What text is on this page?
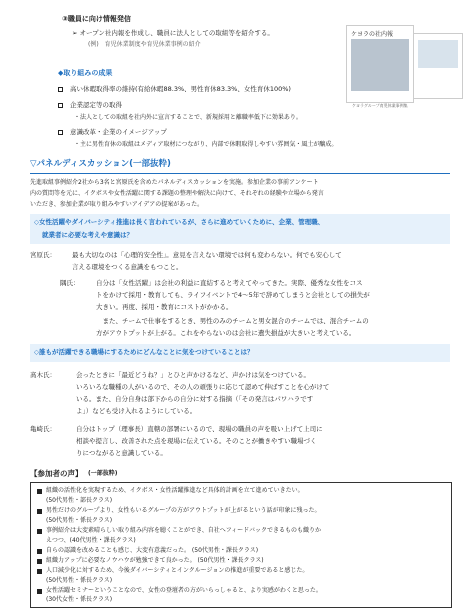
③職員に向け情報発信
➢ オープン社内報を作成し、職員に法人としての取組等を紹介する。
(例)　育児休業制度や育児休業事例の紹介
ケヨラの社内報
ケヨラグループ育児休業事例集
◆取り組みの成果
高い休暇取得率の維持(有給休暇88.3%、男性育休83.3%、女性育休100%)
企業認定等の取得
・法人としての取組を社内外に宣言することで、新規採用と離職率低下に効果あり。
意識改革・企業のイメージアップ
・主に男性育休の取組はメディア取材につながり、内部で休暇取得しやすい雰囲気・風土が醸成。
▽パネルディスカッション(一部抜粋)
先進取組事例紹介2社から3名と宮原氏を含めたパネルディスカッションを実施。参加企業の事前アンケート
内の質問等を元に、イクボスや女性活躍に関する課題の整理や解決に向けて、それぞれの経験や立場から発言
いただき、参加企業が取り組みやすいアイデアの提案があった。
◇女性活躍やダイバーシティ推進は長く言われているが、さらに進めていくために、企業、管理職、
就業者に必要な考えや意識は？
宮原氏： 最も大切なのは「心理的安全性」。意見を言えない環境では何も変わらない。何でも安心して
言える環境をつくる意識をもつこと。
隅氏：	自分は「女性活躍」は会社の利益に直結すると考えてやってきた。実際、優秀な女性をコス
トをかけて採用・教育しても、ライフイベントで4〜5年で辞めてしまうと会社としての損失が
大きい。再度、採用・教育にコストがかかる。
　また、チームで仕事をするとき、男性のみのチームと男女混合のチームでは、混合チームの
方がアウトプットが上がる。これをやらないのは会社に遺失損益が大きいと考えている。
◇誰もが活躍できる職場にするためにどんなことに気をつけていることは？
髙木氏：	会ったときに「最近どうね？」とひと声かけるなど、声かけは気をつけている。
いろいろな職種の人がいるので、その人の頑張りに応じて認めて伸ばすことを心がけて
いる。また、自分自身は部下からの自分に対する指摘（「その発言はパワハラです
よ」）なども受け入れるようにしている。
亀崎氏：	自分はトップ（理事長）直轄の部署にいるので、現場の職員の声を吸い上げて上司に
相談や提言し、改善された点を現場に伝えている。そのことが働きやすい職場づく
りにつながると意識している。
【参加者の声】 (一部抜粋)
組織の活性化を実現するため、イクボス・女性活躍推進など具体的計画を立て進めていきたい。
(50代男性・部長クラス)
男性だけのグループより、女性もいるグループの方がアウトプットが上がるという話が印象に残った。
(50代男性・係長クラス)
事例紹介は大変素晴らしい取り組み内容を聴くことができ、自社へフィードバックできるものも織りか
えつつ、(40代男性・課長クラス)
自らの認識を改めることも感じ、大変有意義だった。 (50代男性・課長クラス)
組織力アップに必要なノウハウが勉強できて良かった。 (50代男性・課長クラス)
人口減少化に対するため、今後ダイバーシティとインクルージョンの推進が重要であると感じた。
(50代男性・係長クラス)
女性活躍セミナーということなので、女性の登壇者の方がいらっしゃると、より実感がわくと思った。
(30代女性・係長クラス)
